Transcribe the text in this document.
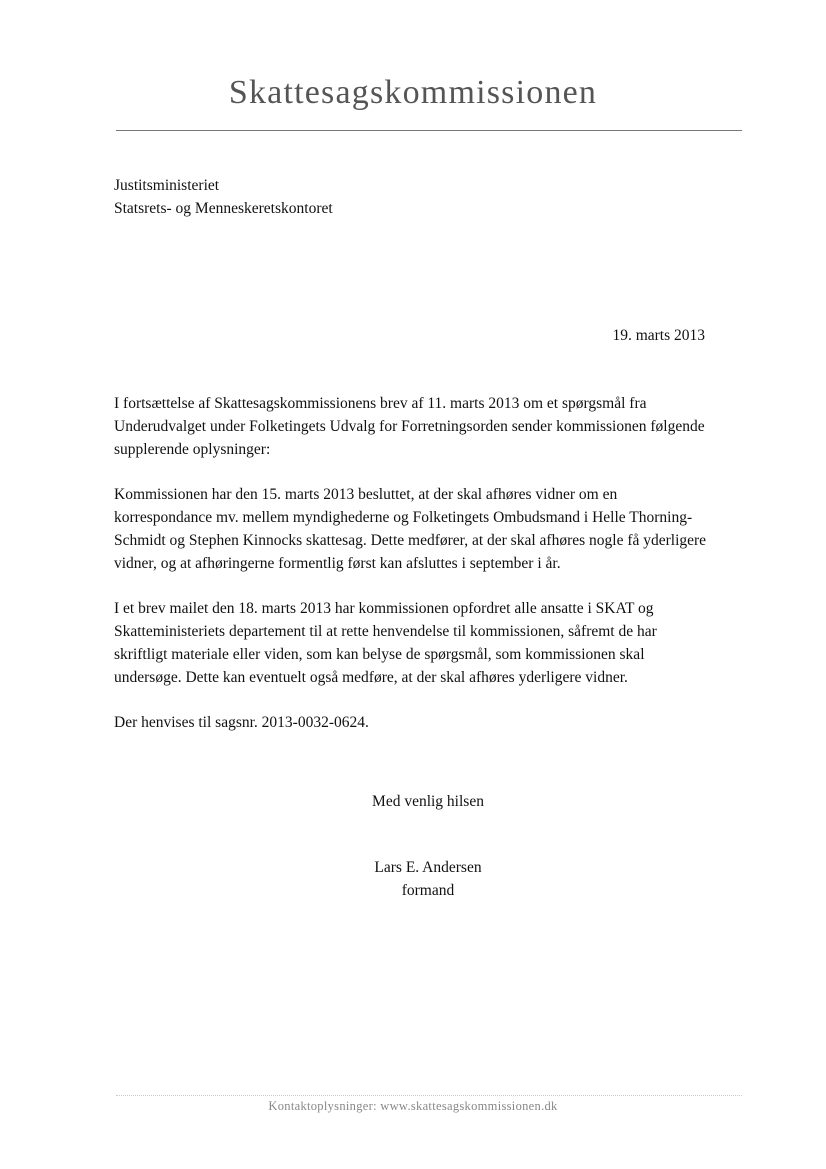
Skattesagskommissionen
Justitsministeriet
Statsrets- og Menneskeretskontoret
19. marts 2013

I fortsættelse af Skattesagskommissionens brev af 11. marts 2013 om et spørgsmål fra Underudvalget under Folketingets Udvalg for Forretningsorden sender kommissionen følgende supplerende oplysninger:

Kommissionen har den 15. marts 2013 besluttet, at der skal afhøres vidner om en korrespondance mv. mellem myndighederne og Folketingets Ombudsmand i Helle Thorning-Schmidt og Stephen Kinnocks skattesag. Dette medfører, at der skal afhøres nogle få yderligere vidner, og at afhøringerne formentlig først kan afsluttes i september i år.

I et brev mailet den 18. marts 2013 har kommissionen opfordret alle ansatte i SKAT og Skatteministeriets departement til at rette henvendelse til kommissionen, såfremt de har skriftligt materiale eller viden, som kan belyse de spørgsmål, som kommissionen skal undersøge. Dette kan eventuelt også medføre, at der skal afhøres yderligere vidner.

Der henvises til sagsnr. 2013-0032-0624.

Med venlig hilsen
Lars E. Andersen
formand
Kontaktoplysninger: www.skattesagskommissionen.dk
